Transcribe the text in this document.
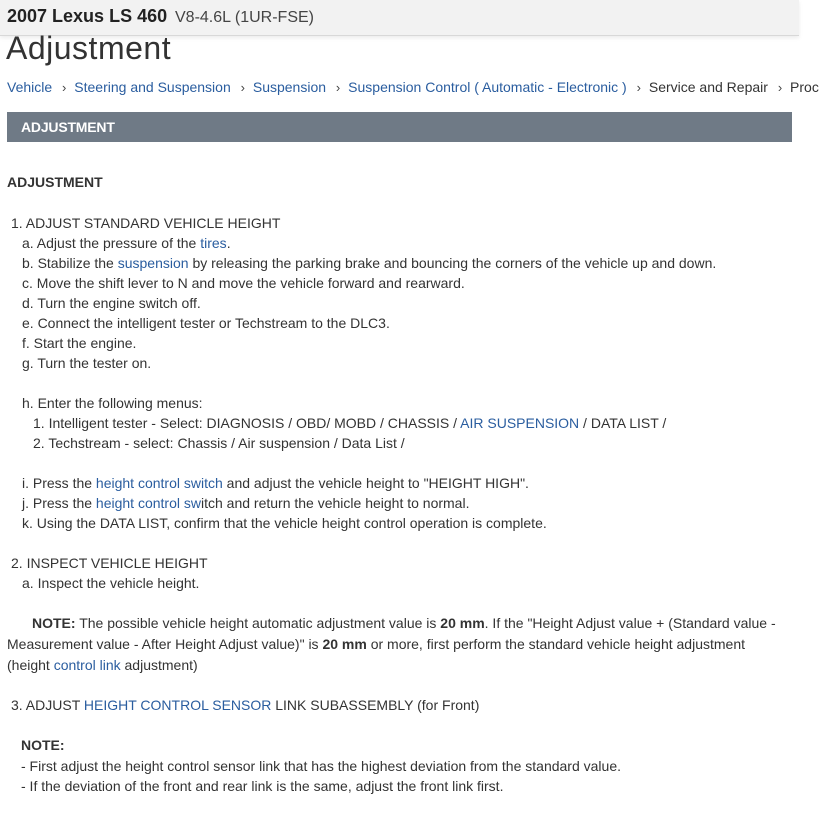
2007 Lexus LS 460 V8-4.6L (1UR-FSE)
Adjustment
Vehicle › Steering and Suspension › Suspension › Suspension Control ( Automatic - Electronic ) › Service and Repair › Proc
ADJUSTMENT
ADJUSTMENT
1. ADJUST STANDARD VEHICLE HEIGHT
a. Adjust the pressure of the tires.
b. Stabilize the suspension by releasing the parking brake and bouncing the corners of the vehicle up and down.
c. Move the shift lever to N and move the vehicle forward and rearward.
d. Turn the engine switch off.
e. Connect the intelligent tester or Techstream to the DLC3.
f. Start the engine.
g. Turn the tester on.
h. Enter the following menus:
1. Intelligent tester - Select: DIAGNOSIS / OBD/ MOBD / CHASSIS / AIR SUSPENSION / DATA LIST /
2. Techstream - select: Chassis / Air suspension / Data List /
i. Press the height control switch and adjust the vehicle height to "HEIGHT HIGH".
j. Press the height control switch and return the vehicle height to normal.
k. Using the DATA LIST, confirm that the vehicle height control operation is complete.
2. INSPECT VEHICLE HEIGHT
a. Inspect the vehicle height.
NOTE: The possible vehicle height automatic adjustment value is 20 mm. If the "Height Adjust value + (Standard value -
Measurement value - After Height Adjust value)" is 20 mm or more, first perform the standard vehicle height adjustment
(height control link adjustment)
3. ADJUST HEIGHT CONTROL SENSOR LINK SUBASSEMBLY (for Front)
NOTE:
- First adjust the height control sensor link that has the highest deviation from the standard value.
- If the deviation of the front and rear link is the same, adjust the front link first.
